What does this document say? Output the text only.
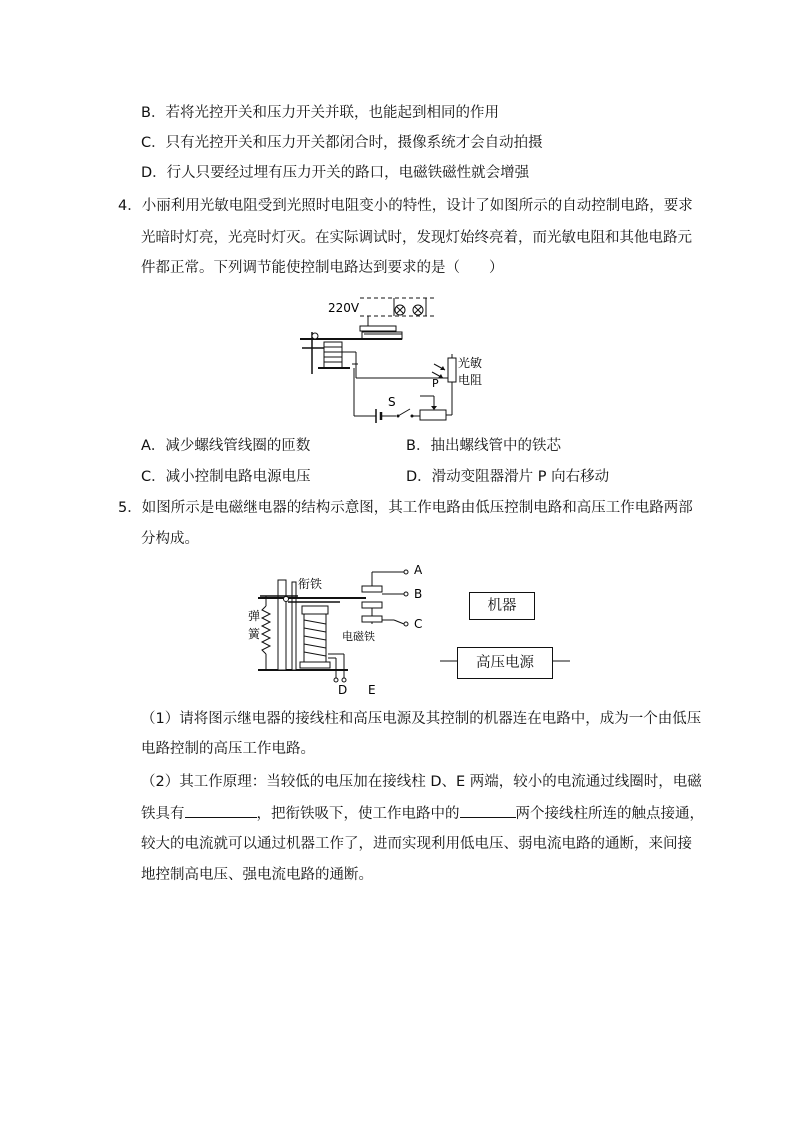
B．若将光控开关和压力开关并联，也能起到相同的作用
C．只有光控开关和压力开关都闭合时，摄像系统才会自动拍摄
D．行人只要经过埋有压力开关的路口，电磁铁磁性就会增强
4．小丽利用光敏电阻受到光照时电阻变小的特性，设计了如图所示的自动控制电路，要求
光暗时灯亮，光亮时灯灭。在实际调试时，发现灯始终亮着，而光敏电阻和其他电路元
件都正常。下列调节能使控制电路达到要求的是（　　）
220V
S
P
光敏
电阻
A．减少螺线管线圈的匝数	B．抽出螺线管中的铁芯
C．减小控制电路电源电压	D．滑动变阻器滑片 P 向右移动
5．如图所示是电磁继电器的结构示意图，其工作电路由低压控制电路和高压工作电路两部
分构成。
弹
簧
衔铁
电磁铁
D E
A
B
C
机器
高压电源
（1）请将图示继电器的接线柱和高压电源及其控制的机器连在电路中，成为一个由低压
电路控制的高压工作电路。
（2）其工作原理：当较低的电压加在接线柱 D、E 两端，较小的电流通过线圈时，电磁
铁具有	，把衔铁吸下，使工作电路中的	两个接线柱所连的触点接通，
较大的电流就可以通过机器工作了，进而实现利用低电压、弱电流电路的通断，来间接
地控制高电压、强电流电路的通断。
